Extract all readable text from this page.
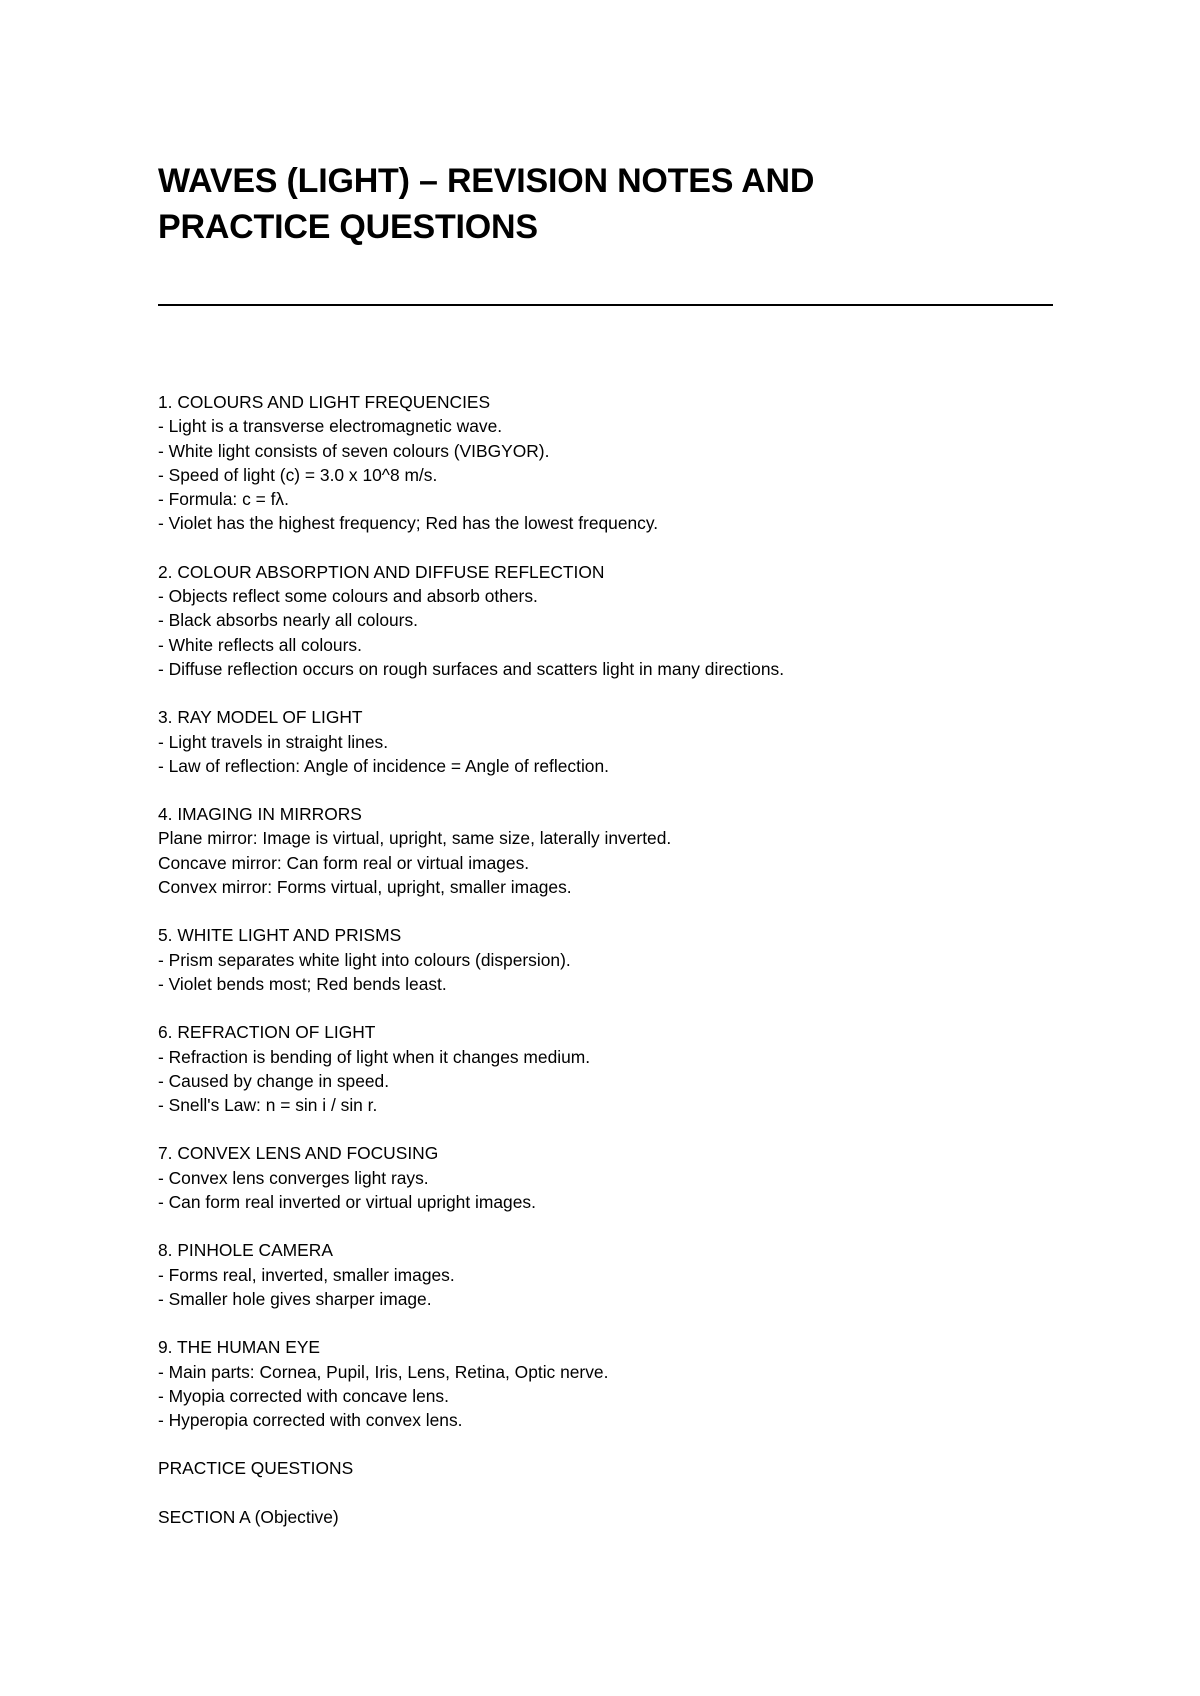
WAVES (LIGHT) – REVISION NOTES AND
PRACTICE QUESTIONS
1. COLOURS AND LIGHT FREQUENCIES
- Light is a transverse electromagnetic wave.
- White light consists of seven colours (VIBGYOR).
- Speed of light (c) = 3.0 x 10^8 m/s.
- Formula: c = fλ.
- Violet has the highest frequency; Red has the lowest frequency.
2. COLOUR ABSORPTION AND DIFFUSE REFLECTION
- Objects reflect some colours and absorb others.
- Black absorbs nearly all colours.
- White reflects all colours.
- Diffuse reflection occurs on rough surfaces and scatters light in many directions.
3. RAY MODEL OF LIGHT
- Light travels in straight lines.
- Law of reflection: Angle of incidence = Angle of reflection.
4. IMAGING IN MIRRORS
Plane mirror: Image is virtual, upright, same size, laterally inverted.
Concave mirror: Can form real or virtual images.
Convex mirror: Forms virtual, upright, smaller images.
5. WHITE LIGHT AND PRISMS
- Prism separates white light into colours (dispersion).
- Violet bends most; Red bends least.
6. REFRACTION OF LIGHT
- Refraction is bending of light when it changes medium.
- Caused by change in speed.
- Snell's Law: n = sin i / sin r.
7. CONVEX LENS AND FOCUSING
- Convex lens converges light rays.
- Can form real inverted or virtual upright images.
8. PINHOLE CAMERA
- Forms real, inverted, smaller images.
- Smaller hole gives sharper image.
9. THE HUMAN EYE
- Main parts: Cornea, Pupil, Iris, Lens, Retina, Optic nerve.
- Myopia corrected with concave lens.
- Hyperopia corrected with convex lens.
PRACTICE QUESTIONS
SECTION A (Objective)
